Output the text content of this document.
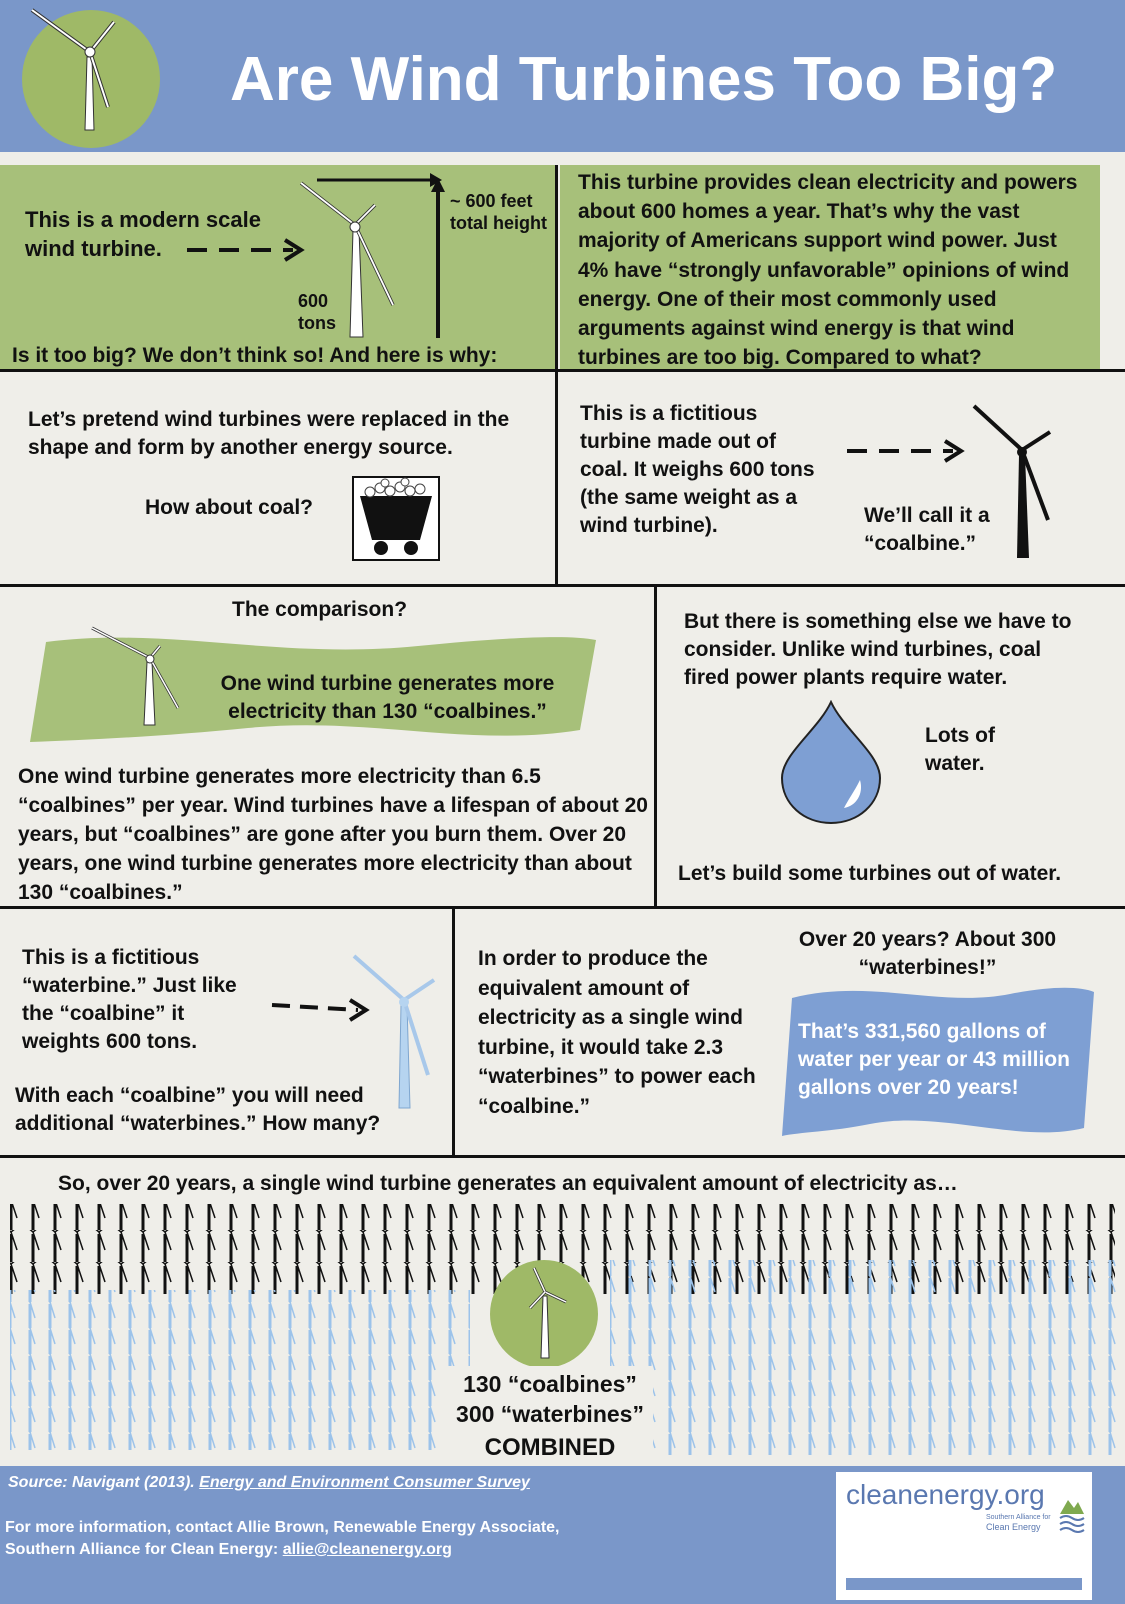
Are Wind Turbines Too Big?
This is a modern scale wind turbine.
~ 600 feet total height
600 tons
Is it too big? We don’t think so! And here is why:
This turbine provides clean electricity and powers about 600 homes a year. That’s why the vast majority of Americans support wind power. Just 4% have “strongly unfavorable” opinions of wind energy. One of their most commonly used arguments against wind energy is that wind turbines are too big. Compared to what?
Let’s pretend wind turbines were replaced in the shape and form by another energy source.
How about coal?
This is a fictitious turbine made out of coal. It weighs 600 tons (the same weight as a wind turbine).	We’ll call it a “coalbine.”
The comparison?
One wind turbine generates more electricity than 130 “coalbines.”
One wind turbine generates more electricity than 6.5 “coalbines” per year. Wind turbines have a lifespan of about 20 years, but “coalbines” are gone after you burn them. Over 20 years, one wind turbine generates more electricity than about 130 “coalbines.”
But there is something else we have to consider. Unlike wind turbines, coal fired power plants require water.
Lots of water.
Let’s build some turbines out of water.
This is a fictitious “waterbine.” Just like the “coalbine” it weights 600 tons.
With each “coalbine” you will need additional “waterbines.” How many?
In order to produce the equivalent amount of electricity as a single wind turbine, it would take 2.3 “waterbines” to power each “coalbine.”
Over 20 years? About 300 “waterbines!”
That’s 331,560 gallons of water per year or 43 million gallons over 20 years!
So, over 20 years, a single wind turbine generates an equivalent amount of electricity as…
130 “coalbines”
300 “waterbines”
COMBINED
Source: Navigant (2013). Energy and Environment Consumer Survey
For more information, contact Allie Brown, Renewable Energy Associate,
Southern Alliance for Clean Energy: allie@cleanenergy.org
cleanenergy.org
Southern Alliance for
Clean Energy
